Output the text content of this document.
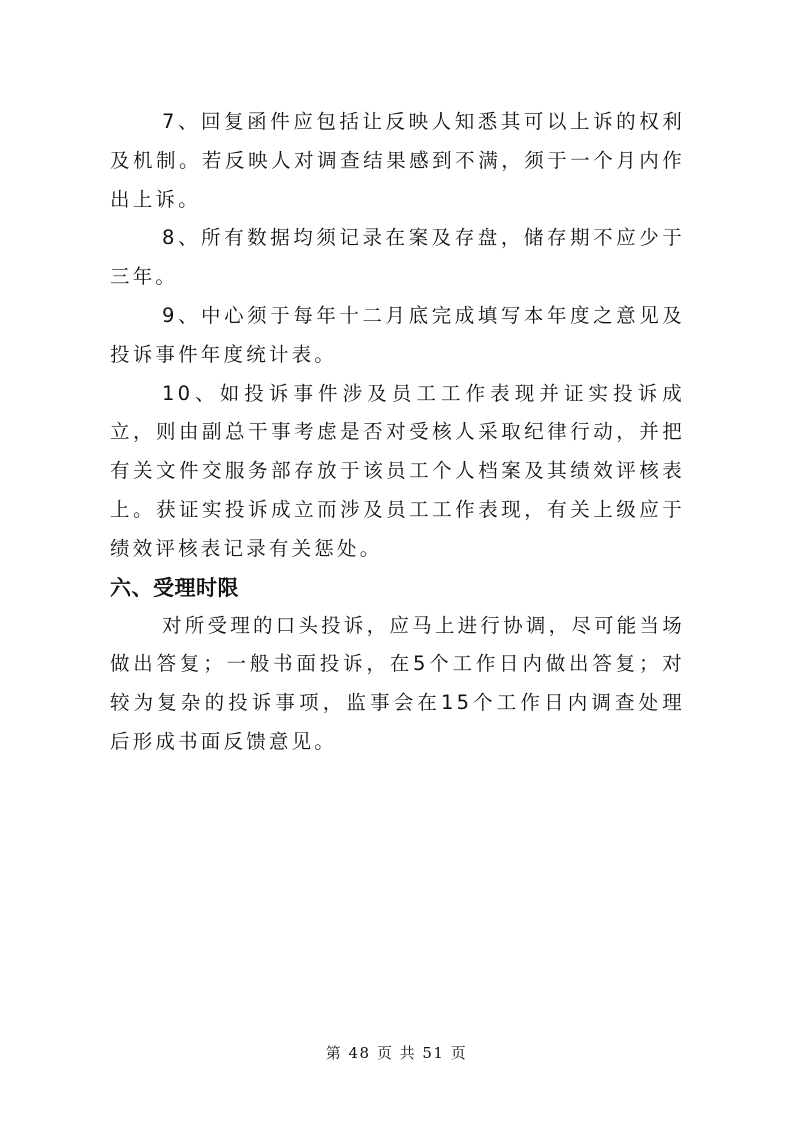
7、回复函件应包括让反映人知悉其可以上诉的权利及机制。若反映人对调查结果感到不满，须于一个月内作出上诉。

8、所有数据均须记录在案及存盘，储存期不应少于三年。

9、中心须于每年十二月底完成填写本年度之意见及投诉事件年度统计表。

10、如投诉事件涉及员工工作表现并证实投诉成立，则由副总干事考虑是否对受核人采取纪律行动，并把有关文件交服务部存放于该员工个人档案及其绩效评核表上。获证实投诉成立而涉及员工工作表现，有关上级应于绩效评核表记录有关惩处。

六、受理时限

对所受理的口头投诉，应马上进行协调，尽可能当场做出答复；一般书面投诉，在5个工作日内做出答复；对较为复杂的投诉事项，监事会在15个工作日内调查处理后形成书面反馈意见。

第 48 页 共 51 页
